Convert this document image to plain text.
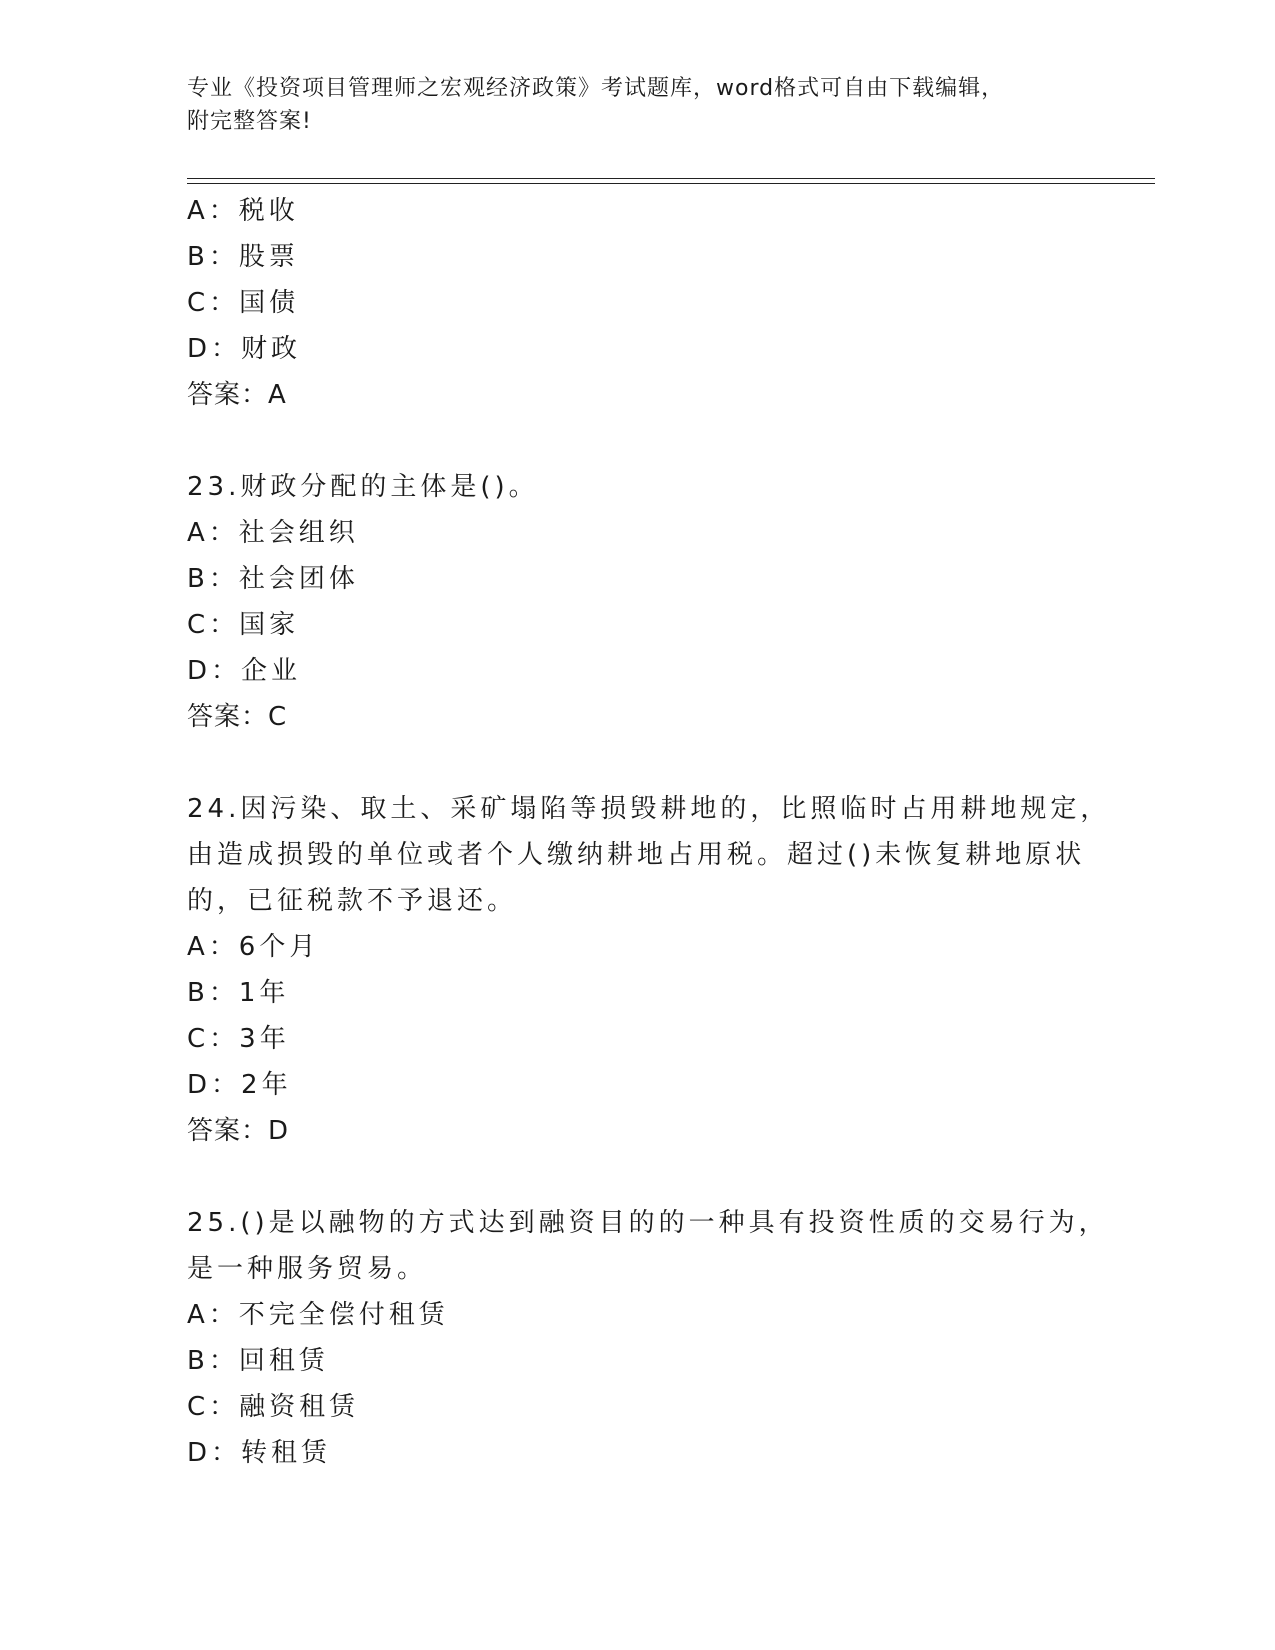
专业《投资项目管理师之宏观经济政策》考试题库，word格式可自由下载编辑，
附完整答案!
A：税收
B：股票
C：国债
D：财政
答案：A
23.财政分配的主体是()。
A：社会组织
B：社会团体
C：国家
D：企业
答案：C
24.因污染、取土、采矿塌陷等损毁耕地的，比照临时占用耕地规定，
由造成损毁的单位或者个人缴纳耕地占用税。超过()未恢复耕地原状
的，已征税款不予退还。
A：6个月
B：1年
C：3年
D：2年
答案：D
25.()是以融物的方式达到融资目的的一种具有投资性质的交易行为，
是一种服务贸易。
A：不完全偿付租赁
B：回租赁
C：融资租赁
D：转租赁
